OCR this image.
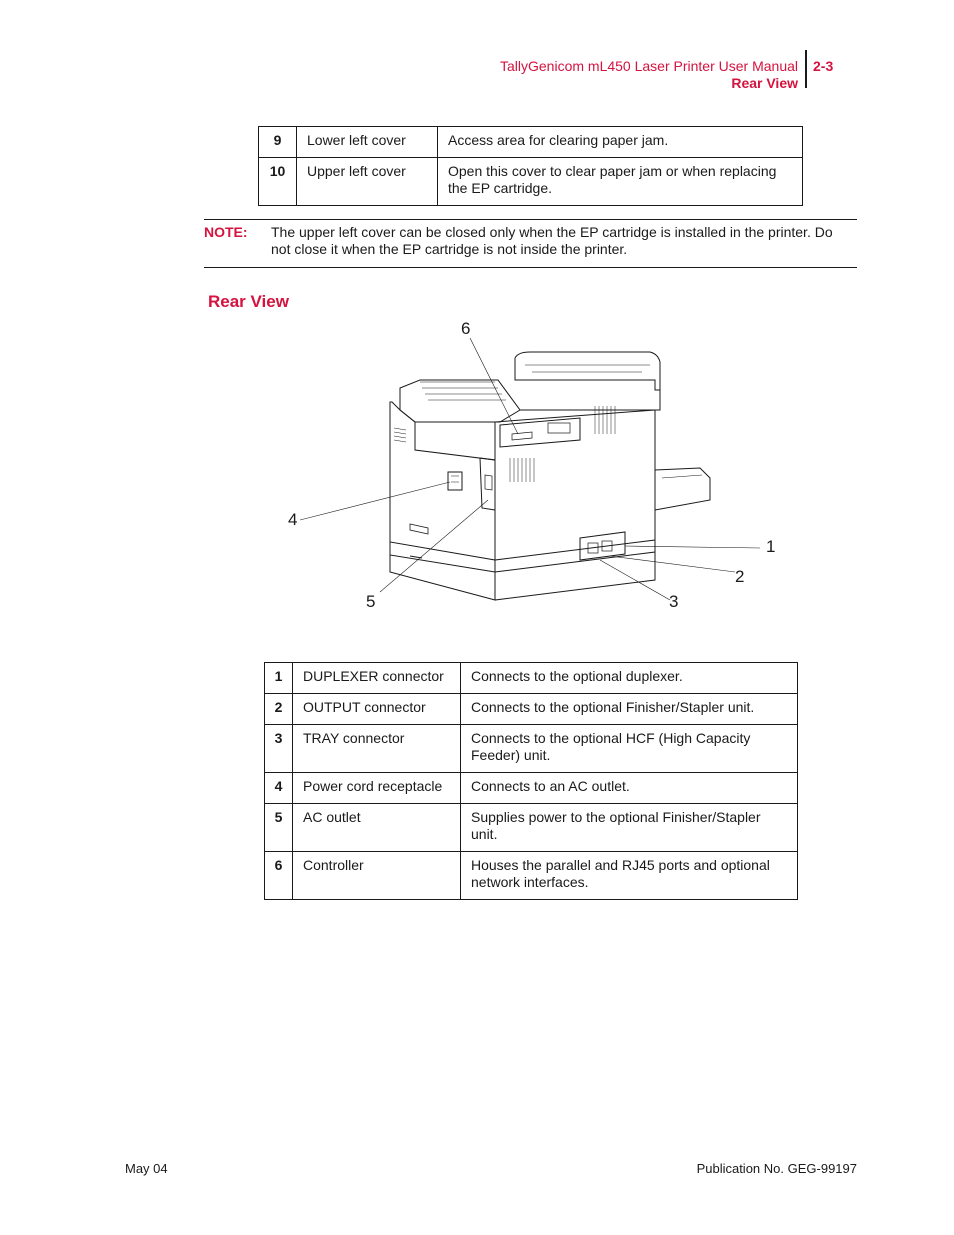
TallyGenicom mL450 Laser Printer User Manual
Rear View
2-3
9	Lower left cover	Access area for clearing paper jam.
10	Upper left cover	Open this cover to clear paper jam or when replacing the EP cartridge.
NOTE: The upper left cover can be closed only when the EP cartridge is installed in the printer. Do not close it when the EP cartridge is not inside the printer.
Rear View
6
4
1
2
5	3
1	DUPLEXER connector	Connects to the optional duplexer.
2	OUTPUT connector	Connects to the optional Finisher/Stapler unit.
3	TRAY connector	Connects to the optional HCF (High Capacity Feeder) unit.
4	Power cord receptacle	Connects to an AC outlet.
5	AC outlet	Supplies power to the optional Finisher/Stapler unit.
6	Controller	Houses the parallel and RJ45 ports and optional network interfaces.
May 04	Publication No. GEG-99197
